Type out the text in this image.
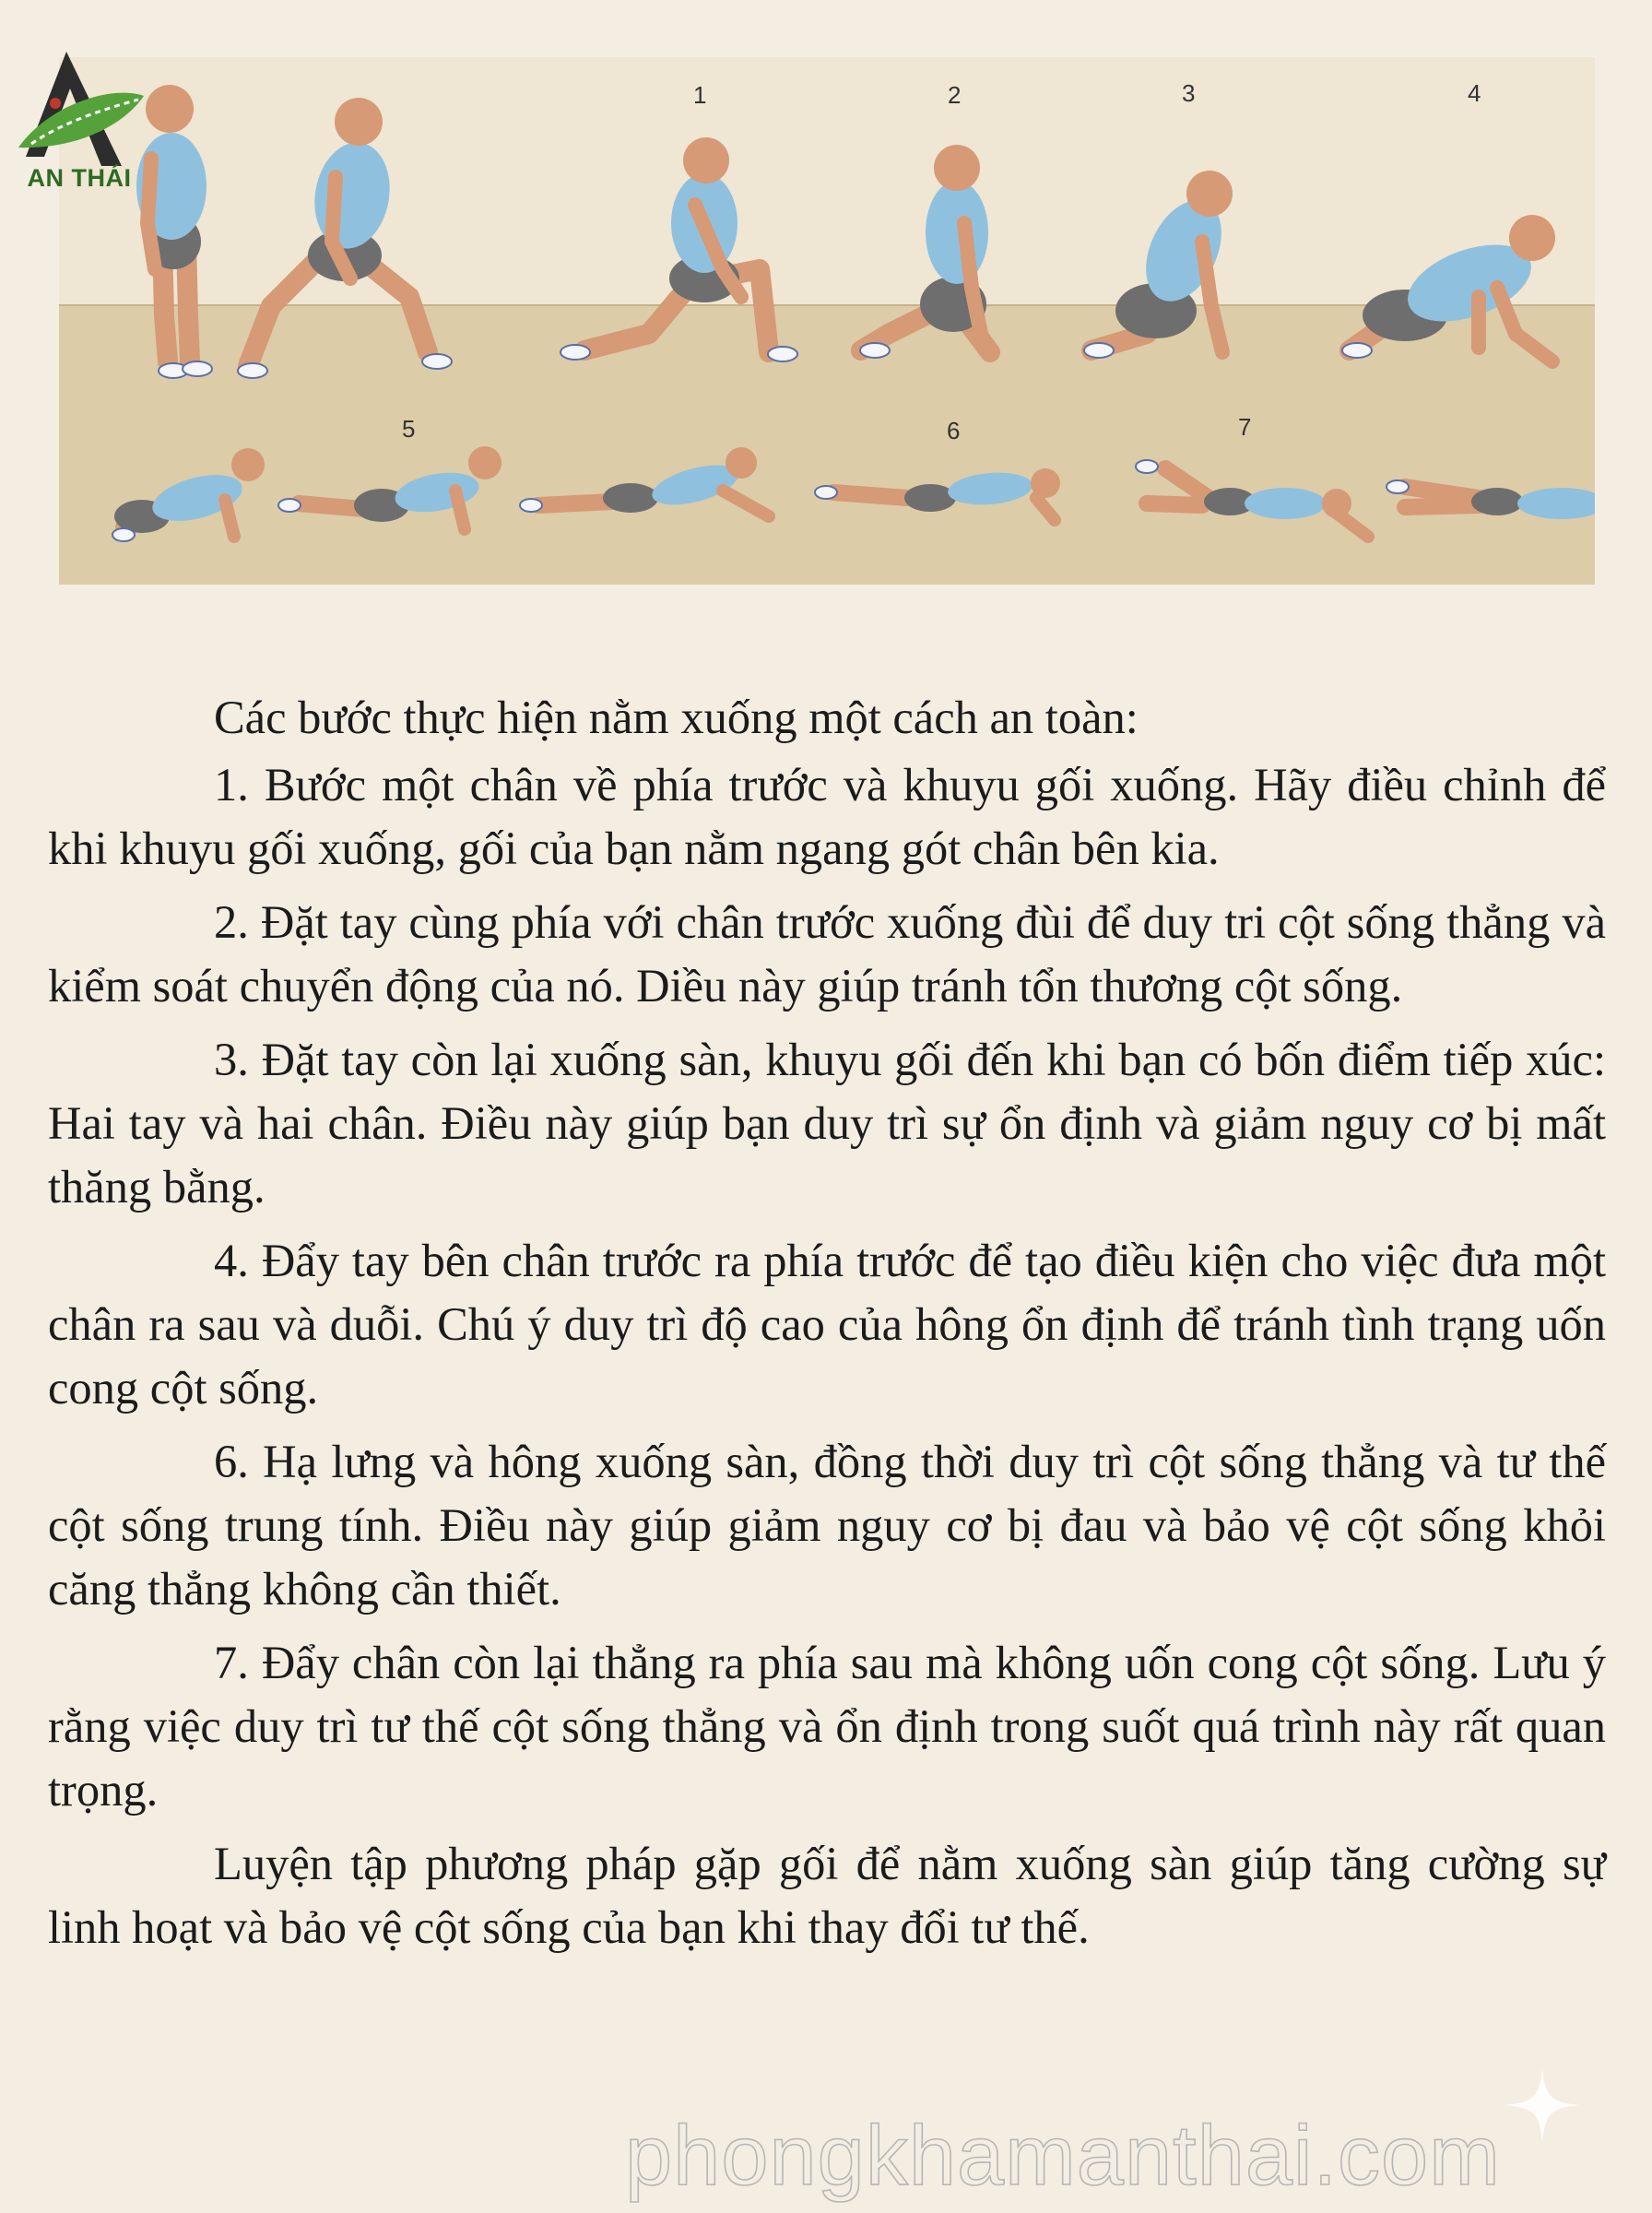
1	2	3	4
5	6	7
AN THÁI

Các bước thực hiện nằm xuống một cách an toàn:

1. Bước một chân về phía trước và khuyu gối xuống. Hãy điều chỉnh để khi khuyu gối xuống, gối của bạn nằm ngang gót chân bên kia.

2. Đặt tay cùng phía với chân trước xuống đùi để duy tri cột sống thẳng và kiểm soát chuyển động của nó. Diều này giúp tránh tổn thương cột sống.

3. Đặt tay còn lại xuống sàn, khuyu gối đến khi bạn có bốn điểm tiếp xúc: Hai tay và hai chân. Điều này giúp bạn duy trì sự ổn định và giảm nguy cơ bị mất thăng bằng.

4. Đẩy tay bên chân trước ra phía trước để tạo điều kiện cho việc đưa một chân ra sau và duỗi. Chú ý duy trì độ cao của hông ổn định để tránh tình trạng uốn cong cột sống.

6. Hạ lưng và hông xuống sàn, đồng thời duy trì cột sống thẳng và tư thế cột sống trung tính. Điều này giúp giảm nguy cơ bị đau và bảo vệ cột sống khỏi căng thẳng không cần thiết.

7. Đẩy chân còn lại thẳng ra phía sau mà không uốn cong cột sống. Lưu ý rằng việc duy trì tư thế cột sống thẳng và ổn định trong suốt quá trình này rất quan trọng.

Luyện tập phương pháp gặp gối để nằm xuống sàn giúp tăng cường sự linh hoạt và bảo vệ cột sống của bạn khi thay đổi tư thế.

phongkhamanthai.com
